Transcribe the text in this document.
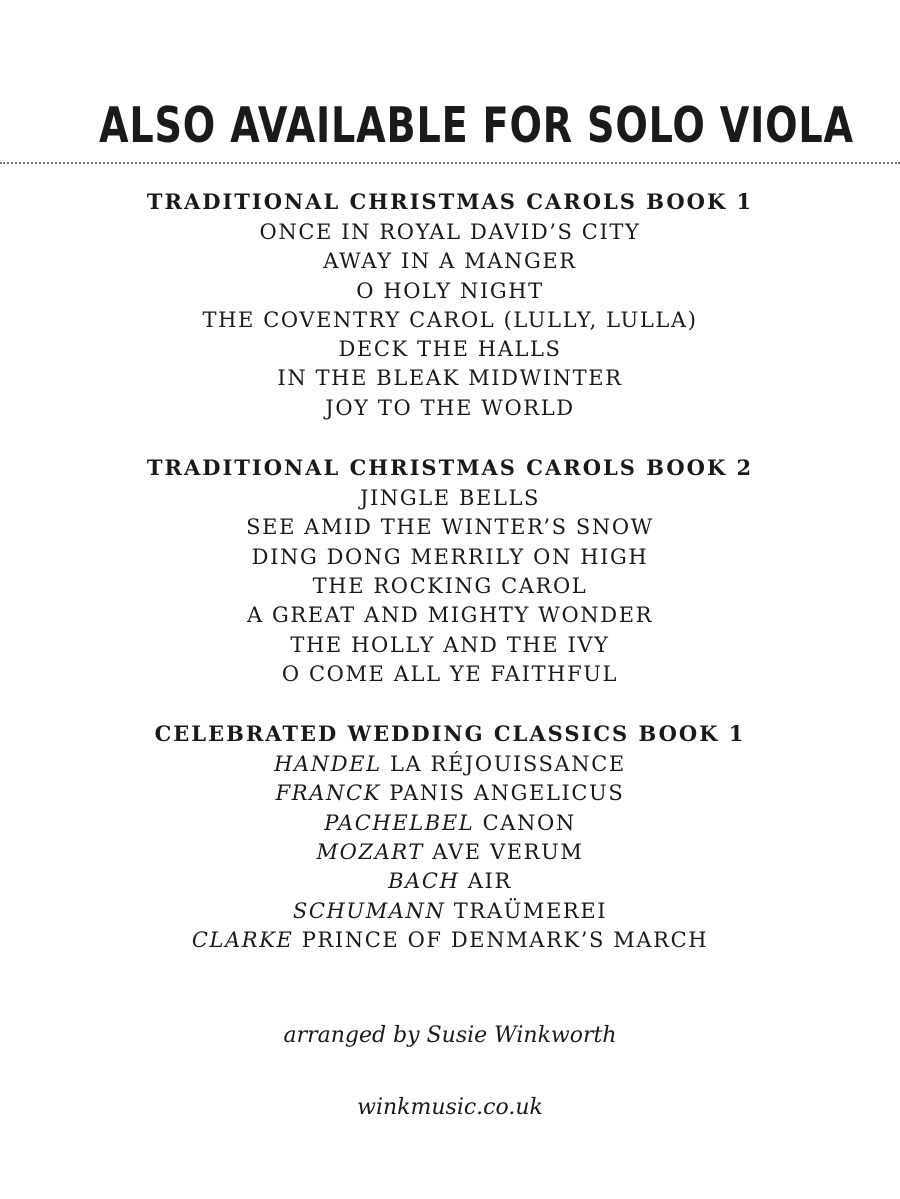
ALSO AVAILABLE FOR SOLO VIOLA
TRADITIONAL CHRISTMAS CAROLS BOOK 1
ONCE IN ROYAL DAVID’S CITY
AWAY IN A MANGER
O HOLY NIGHT
THE COVENTRY CAROL (LULLY, LULLA)
DECK THE HALLS
IN THE BLEAK MIDWINTER
JOY TO THE WORLD
TRADITIONAL CHRISTMAS CAROLS BOOK 2
JINGLE BELLS
SEE AMID THE WINTER’S SNOW
DING DONG MERRILY ON HIGH
THE ROCKING CAROL
A GREAT AND MIGHTY WONDER
THE HOLLY AND THE IVY
O COME ALL YE FAITHFUL
CELEBRATED WEDDING CLASSICS BOOK 1
HANDEL LA RÉJOUISSANCE
FRANCK PANIS ANGELICUS
PACHELBEL CANON
MOZART AVE VERUM
BACH AIR
SCHUMANN TRAÜMEREI
CLARKE PRINCE OF DENMARK’S MARCH
arranged by Susie Winkworth
winkmusic.co.uk
